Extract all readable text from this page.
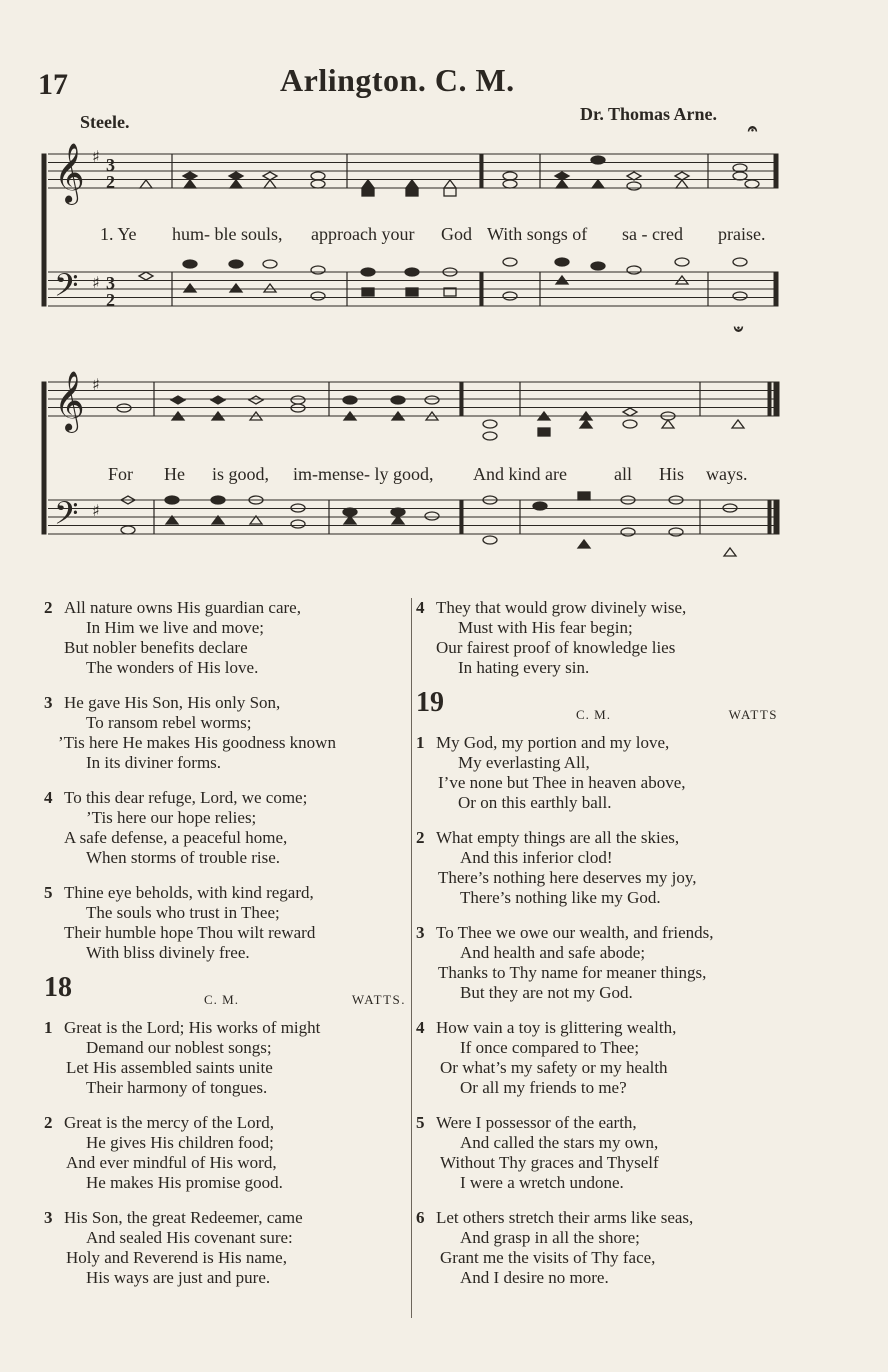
17	Arlington. C. M.
Steele.	Dr. Thomas Arne.
𝄐
𝄑
𝄞 ♯ 3
2
𝄢 ♯ 3
2
𝄞 ♯
𝄢 ♯
1. Ye hum- ble souls, approach your God With songs of sa - cred praise.
For He is good, im-mense- ly good, And kind are	all His ways.
2 All nature owns His guardian care,
In Him we live and move;
But nobler benefits declare
The wonders of His love.
3 He gave His Son, His only Son,
To ransom rebel worms;
’Tis here He makes His goodness known
In its diviner forms.
4 To this dear refuge, Lord, we come;
’Tis here our hope relies;
A safe defense, a peaceful home,
When storms of trouble rise.
5 Thine eye beholds, with kind regard,
The souls who trust in Thee;
Their humble hope Thou wilt reward
With bliss divinely free.
18	C. M.	WATTS.
1 Great is the Lord; His works of might
Demand our noblest songs;
Let His assembled saints unite
Their harmony of tongues.
2 Great is the mercy of the Lord,
He gives His children food;
And ever mindful of His word,
He makes His promise good.
3 His Son, the great Redeemer, came
And sealed His covenant sure:
Holy and Reverend is His name,
His ways are just and pure.
4 They that would grow divinely wise,
Must with His fear begin;
Our fairest proof of knowledge lies
In hating every sin.
19	C. M.	WATTS
1 My God, my portion and my love,
My everlasting All,
I’ve none but Thee in heaven above,
Or on this earthly ball.
2 What empty things are all the skies,
And this inferior clod!
There’s nothing here deserves my joy,
There’s nothing like my God.
3 To Thee we owe our wealth, and friends,
And health and safe abode;
Thanks to Thy name for meaner things,
But they are not my God.
4 How vain a toy is glittering wealth,
If once compared to Thee;
Or what’s my safety or my health
Or all my friends to me?
5 Were I possessor of the earth,
And called the stars my own,
Without Thy graces and Thyself
I were a wretch undone.
6 Let others stretch their arms like seas,
And grasp in all the shore;
Grant me the visits of Thy face,
And I desire no more.
